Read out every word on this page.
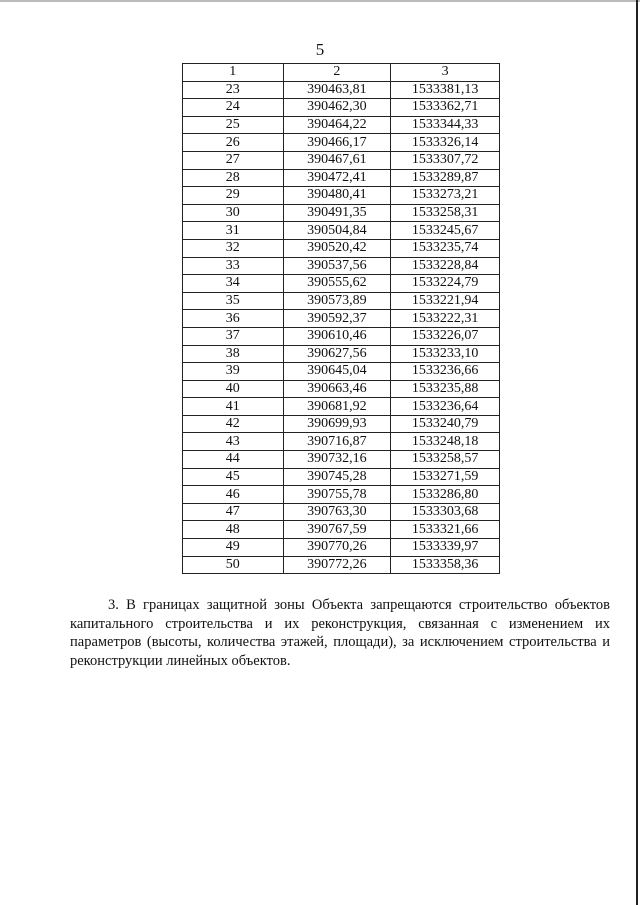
5
1	2	3
23	390463,81	1533381,13
24	390462,30	1533362,71
25	390464,22	1533344,33
26	390466,17	1533326,14
27	390467,61	1533307,72
28	390472,41	1533289,87
29	390480,41	1533273,21
30	390491,35	1533258,31
31	390504,84	1533245,67
32	390520,42	1533235,74
33	390537,56	1533228,84
34	390555,62	1533224,79
35	390573,89	1533221,94
36	390592,37	1533222,31
37	390610,46	1533226,07
38	390627,56	1533233,10
39	390645,04	1533236,66
40	390663,46	1533235,88
41	390681,92	1533236,64
42	390699,93	1533240,79
43	390716,87	1533248,18
44	390732,16	1533258,57
45	390745,28	1533271,59
46	390755,78	1533286,80
47	390763,30	1533303,68
48	390767,59	1533321,66
49	390770,26	1533339,97
50	390772,26	1533358,36
3. В границах защитной зоны Объекта запрещаются строительство объектов капитального строительства и их реконструкция, связанная с изменением их параметров (высоты, количества этажей, площади), за исключением строительства и реконструкции линейных объектов.
